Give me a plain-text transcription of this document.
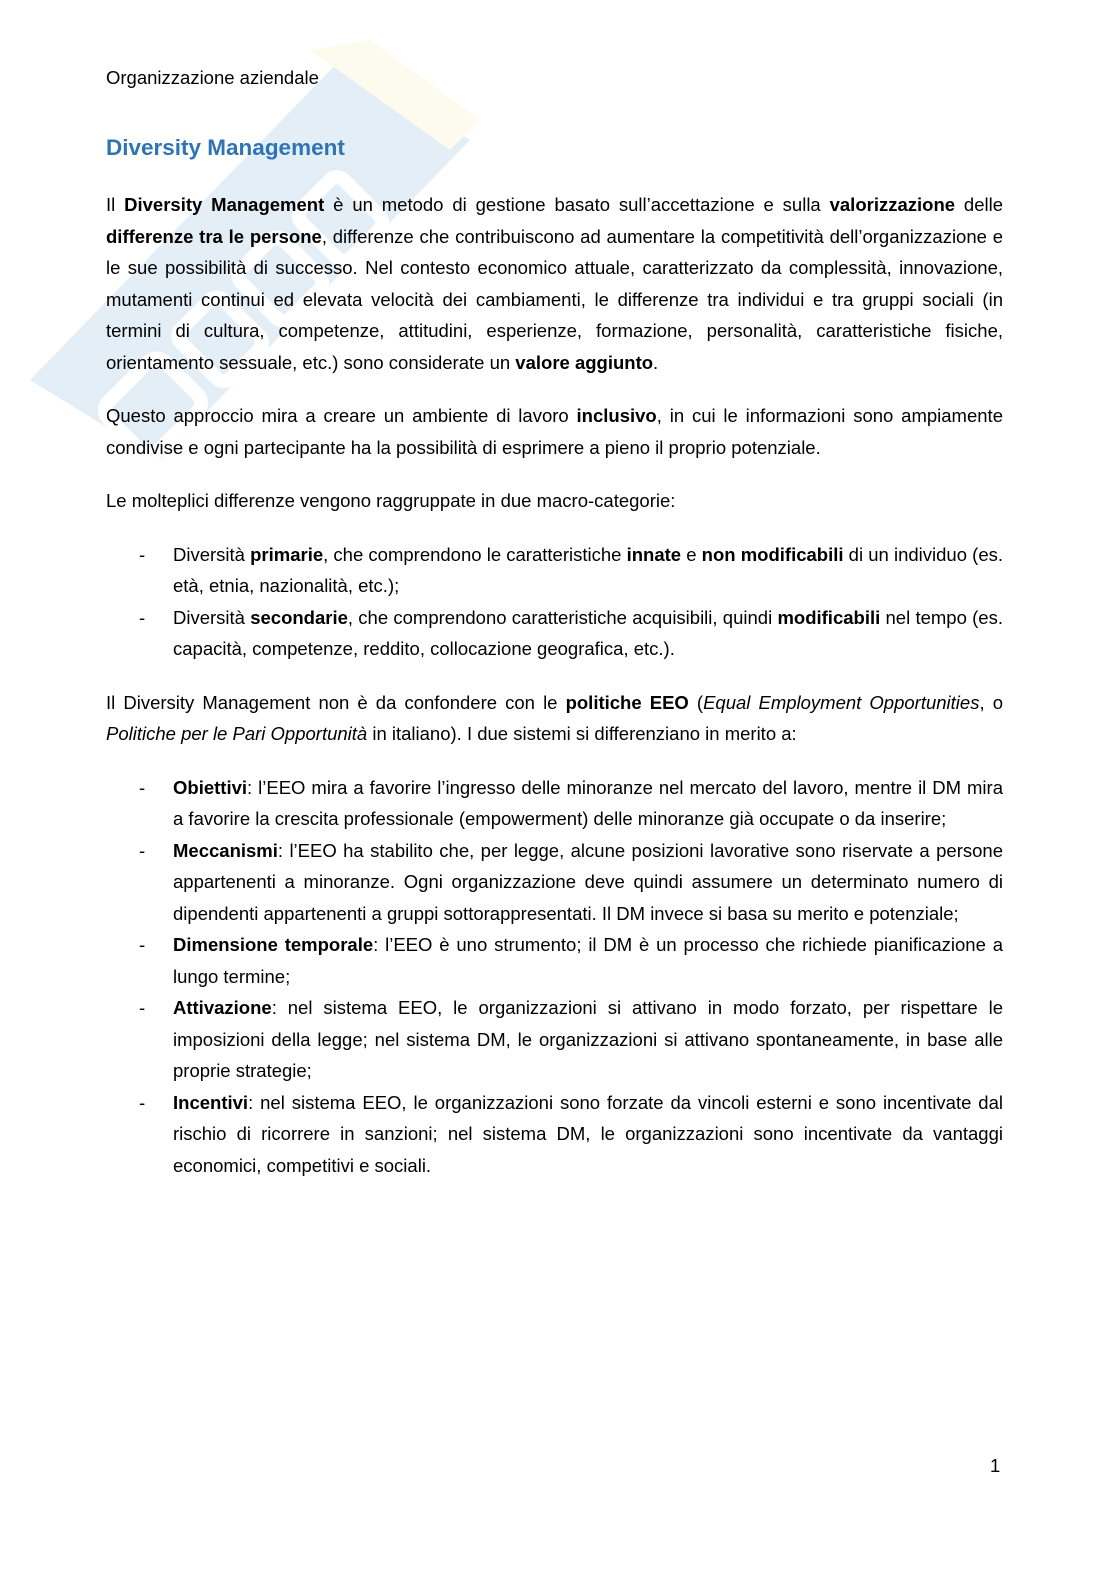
Organizzazione aziendale
Diversity Management

Il Diversity Management è un metodo di gestione basato sull’accettazione e sulla valorizzazione delle differenze tra le persone, differenze che contribuiscono ad aumentare la competitività dell’organizzazione e le sue possibilità di successo. Nel contesto economico attuale, caratterizzato da complessità, innovazione, mutamenti continui ed elevata velocità dei cambiamenti, le differenze tra individui e tra gruppi sociali (in termini di cultura, competenze, attitudini, esperienze, formazione, personalità, caratteristiche fisiche, orientamento sessuale, etc.) sono considerate un valore aggiunto.

Questo approccio mira a creare un ambiente di lavoro inclusivo, in cui le informazioni sono ampiamente condivise e ogni partecipante ha la possibilità di esprimere a pieno il proprio potenziale.

Le molteplici differenze vengono raggruppate in due macro-categorie:

- Diversità primarie, che comprendono le caratteristiche innate e non modificabili di un individuo (es. età, etnia, nazionalità, etc.);
- Diversità secondarie, che comprendono caratteristiche acquisibili, quindi modificabili nel tempo (es. capacità, competenze, reddito, collocazione geografica, etc.).

Il Diversity Management non è da confondere con le politiche EEO (Equal Employment Opportunities, o Politiche per le Pari Opportunità in italiano). I due sistemi si differenziano in merito a:

- Obiettivi: l’EEO mira a favorire l’ingresso delle minoranze nel mercato del lavoro, mentre il DM mira a favorire la crescita professionale (empowerment) delle minoranze già occupate o da inserire;
- Meccanismi: l’EEO ha stabilito che, per legge, alcune posizioni lavorative sono riservate a persone appartenenti a minoranze. Ogni organizzazione deve quindi assumere un determinato numero di dipendenti appartenenti a gruppi sottorappresentati. Il DM invece si basa su merito e potenziale;
- Dimensione temporale: l’EEO è uno strumento; il DM è un processo che richiede pianificazione a lungo termine;
- Attivazione: nel sistema EEO, le organizzazioni si attivano in modo forzato, per rispettare le imposizioni della legge; nel sistema DM, le organizzazioni si attivano spontaneamente, in base alle proprie strategie;
- Incentivi: nel sistema EEO, le organizzazioni sono forzate da vincoli esterni e sono incentivate dal rischio di ricorrere in sanzioni; nel sistema DM, le organizzazioni sono incentivate da vantaggi economici, competitivi e sociali.
1
